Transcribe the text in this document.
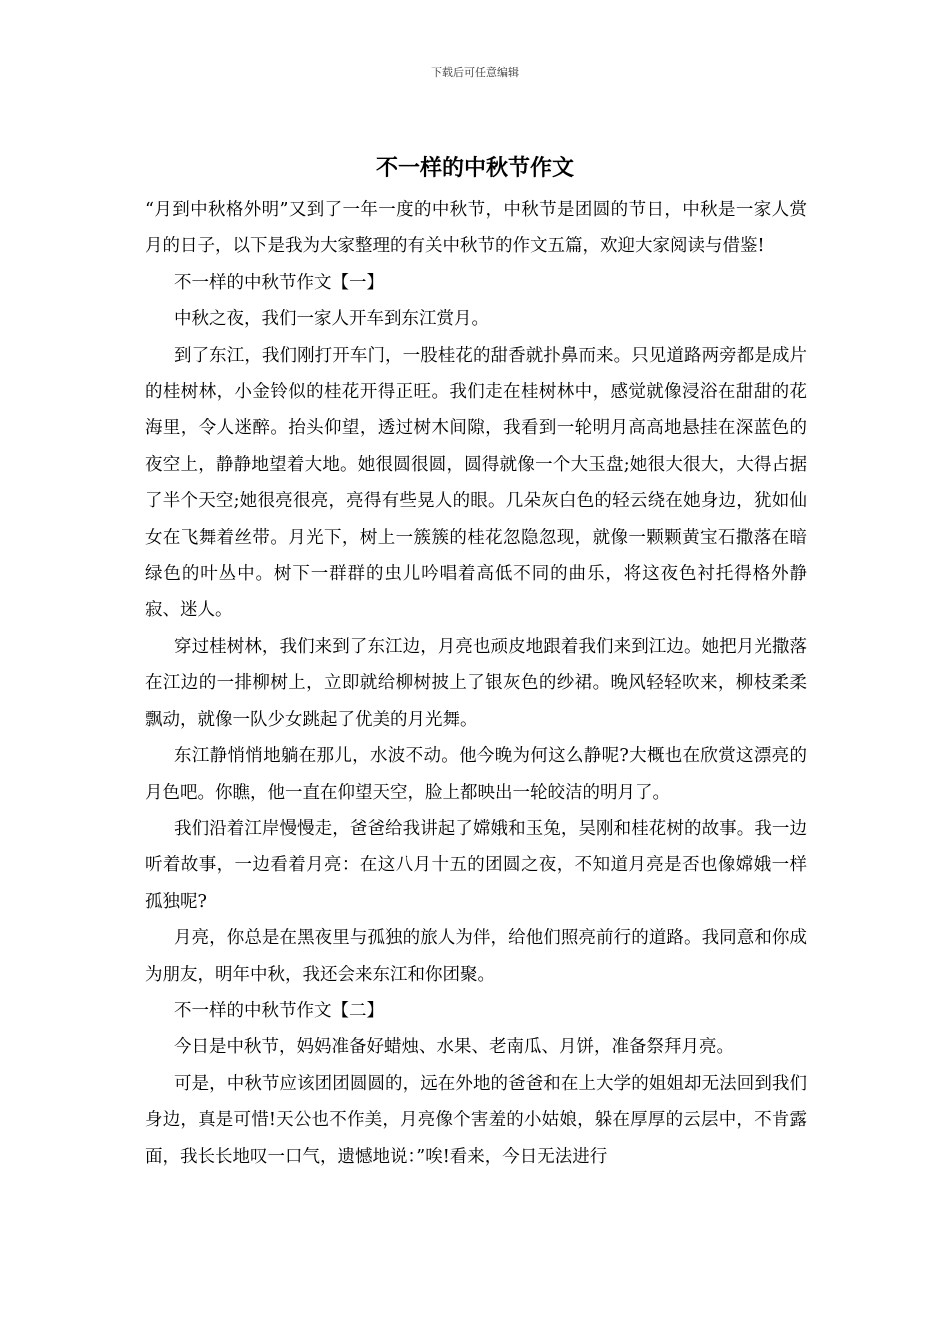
下载后可任意编辑
不一样的中秋节作文

“月到中秋格外明”又到了一年一度的中秋节，中秋节是团圆的节日，中秋是一家人赏月的日子，以下是我为大家整理的有关中秋节的作文五篇，欢迎大家阅读与借鉴!

不一样的中秋节作文【一】

中秋之夜，我们一家人开车到东江赏月。

到了东江，我们刚打开车门，一股桂花的甜香就扑鼻而来。只见道路两旁都是成片的桂树林，小金铃似的桂花开得正旺。我们走在桂树林中，感觉就像浸浴在甜甜的花海里，令人迷醉。抬头仰望，透过树木间隙，我看到一轮明月高高地悬挂在深蓝色的夜空上，静静地望着大地。她很圆很圆，圆得就像一个大玉盘;她很大很大，大得占据了半个天空;她很亮很亮，亮得有些晃人的眼。几朵灰白色的轻云绕在她身边，犹如仙女在飞舞着丝带。月光下，树上一簇簇的桂花忽隐忽现，就像一颗颗黄宝石撒落在暗绿色的叶丛中。树下一群群的虫儿吟唱着高低不同的曲乐，将这夜色衬托得格外静寂、迷人。

穿过桂树林，我们来到了东江边，月亮也顽皮地跟着我们来到江边。她把月光撒落在江边的一排柳树上，立即就给柳树披上了银灰色的纱裙。晚风轻轻吹来，柳枝柔柔飘动，就像一队少女跳起了优美的月光舞。

东江静悄悄地躺在那儿，水波不动。他今晚为何这么静呢?大概也在欣赏这漂亮的月色吧。你瞧，他一直在仰望天空，脸上都映出一轮皎洁的明月了。

我们沿着江岸慢慢走，爸爸给我讲起了嫦娥和玉兔，吴刚和桂花树的故事。我一边听着故事，一边看着月亮：在这八月十五的团圆之夜，不知道月亮是否也像嫦娥一样孤独呢?

月亮，你总是在黑夜里与孤独的旅人为伴，给他们照亮前行的道路。我同意和你成为朋友，明年中秋，我还会来东江和你团聚。

不一样的中秋节作文【二】

今日是中秋节，妈妈准备好蜡烛、水果、老南瓜、月饼，准备祭拜月亮。

可是，中秋节应该团团圆圆的，远在外地的爸爸和在上大学的姐姐却无法回到我们身边，真是可惜!天公也不作美，月亮像个害羞的小姑娘，躲在厚厚的云层中，不肯露面，我长长地叹一口气，遗憾地说：”唉!看来，今日无法进行
